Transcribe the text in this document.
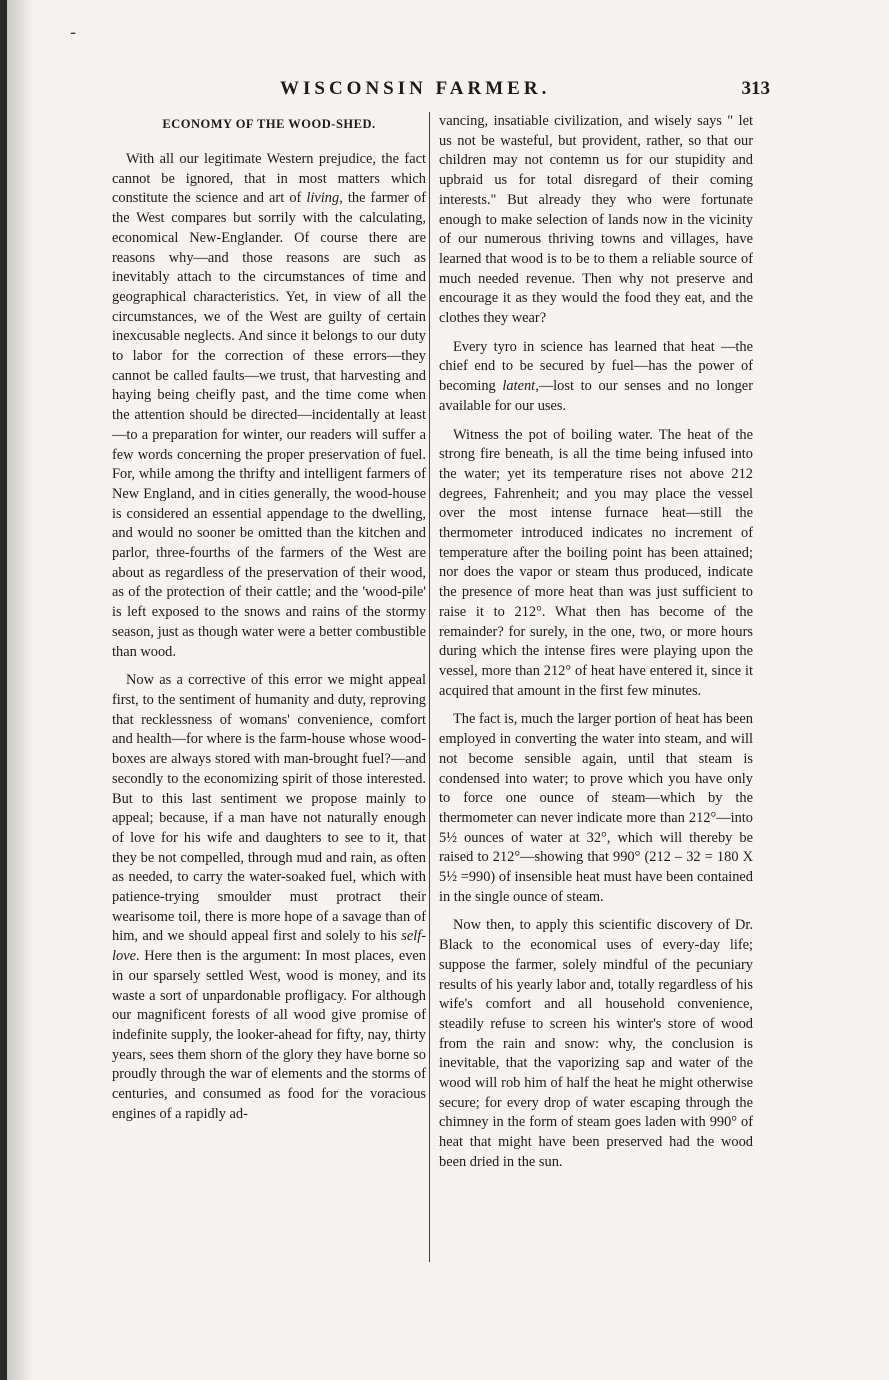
-
WISCONSIN FARMER.	313
ECONOMY OF THE WOOD-SHED.

With all our legitimate Western prejudice, the fact cannot be ignored, that in most matters which constitute the science and art of living, the farmer of the West compares but sorrily with the calculating, economical New-Englander. Of course there are reasons why—and those reasons are such as inevitably attach to the circumstances of time and geographical characteristics. Yet, in view of all the circumstances, we of the West are guilty of certain inexcusable neglects. And since it belongs to our duty to labor for the correction of these errors—they cannot be called faults—we trust, that harvesting and haying being cheifly past, and the time come when the attention should be directed—incidentally at least—to a preparation for winter, our readers will suffer a few words concerning the proper preservation of fuel. For, while among the thrifty and intelligent farmers of New England, and in cities generally, the wood-house is considered an essential appendage to the dwelling, and would no sooner be omitted than the kitchen and parlor, three-fourths of the farmers of the West are about as regardless of the preservation of their wood, as of the protection of their cattle; and the 'wood-pile' is left exposed to the snows and rains of the stormy season, just as though water were a better combustible than wood.

Now as a corrective of this error we might appeal first, to the sentiment of humanity and duty, reproving that recklessness of womans' convenience, comfort and health—for where is the farm-house whose wood-boxes are always stored with man-brought fuel?—and secondly to the economizing spirit of those interested. But to this last sentiment we propose mainly to appeal; because, if a man have not naturally enough of love for his wife and daughters to see to it, that they be not compelled, through mud and rain, as often as needed, to carry the water-soaked fuel, which with patience-trying smoulder must protract their wearisome toil, there is more hope of a savage than of him, and we should appeal first and solely to his self-love. Here then is the argument: In most places, even in our sparsely settled West, wood is money, and its waste a sort of unpardonable profligacy. For although our magnificent forests of all wood give promise of indefinite supply, the looker-ahead for fifty, nay, thirty years, sees them shorn of the glory they have borne so proudly through the war of elements and the storms of centuries, and consumed as food for the voracious engines of a rapidly ad-

vancing, insatiable civilization, and wisely says " let us not be wasteful, but provident, rather, so that our children may not contemn us for our stupidity and upbraid us for total disregard of their coming interests." But already they who were fortunate enough to make selection of lands now in the vicinity of our numerous thriving towns and villages, have learned that wood is to be to them a reliable source of much needed revenue. Then why not preserve and encourage it as they would the food they eat, and the clothes they wear?

Every tyro in science has learned that heat —the chief end to be secured by fuel—has the power of becoming latent,—lost to our senses and no longer available for our uses.

Witness the pot of boiling water. The heat of the strong fire beneath, is all the time being infused into the water; yet its temperature rises not above 212 degrees, Fahrenheit; and you may place the vessel over the most intense furnace heat—still the thermometer introduced indicates no increment of temperature after the boiling point has been attained; nor does the vapor or steam thus produced, indicate the presence of more heat than was just sufficient to raise it to 212°. What then has become of the remainder? for surely, in the one, two, or more hours during which the intense fires were playing upon the vessel, more than 212° of heat have entered it, since it acquired that amount in the first few minutes.

The fact is, much the larger portion of heat has been employed in converting the water into steam, and will not become sensible again, until that steam is condensed into water; to prove which you have only to force one ounce of steam—which by the thermometer can never indicate more than 212°—into 5½ ounces of water at 32°, which will thereby be raised to 212°—showing that 990° (212 – 32 = 180 X 5½ =990) of insensible heat must have been contained in the single ounce of steam.

Now then, to apply this scientific discovery of Dr. Black to the economical uses of every-day life; suppose the farmer, solely mindful of the pecuniary results of his yearly labor and, totally regardless of his wife's comfort and all household convenience, steadily refuse to screen his winter's store of wood from the rain and snow: why, the conclusion is inevitable, that the vaporizing sap and water of the wood will rob him of half the heat he might otherwise secure; for every drop of water escaping through the chimney in the form of steam goes laden with 990° of heat that might have been preserved had the wood been dried in the sun.
